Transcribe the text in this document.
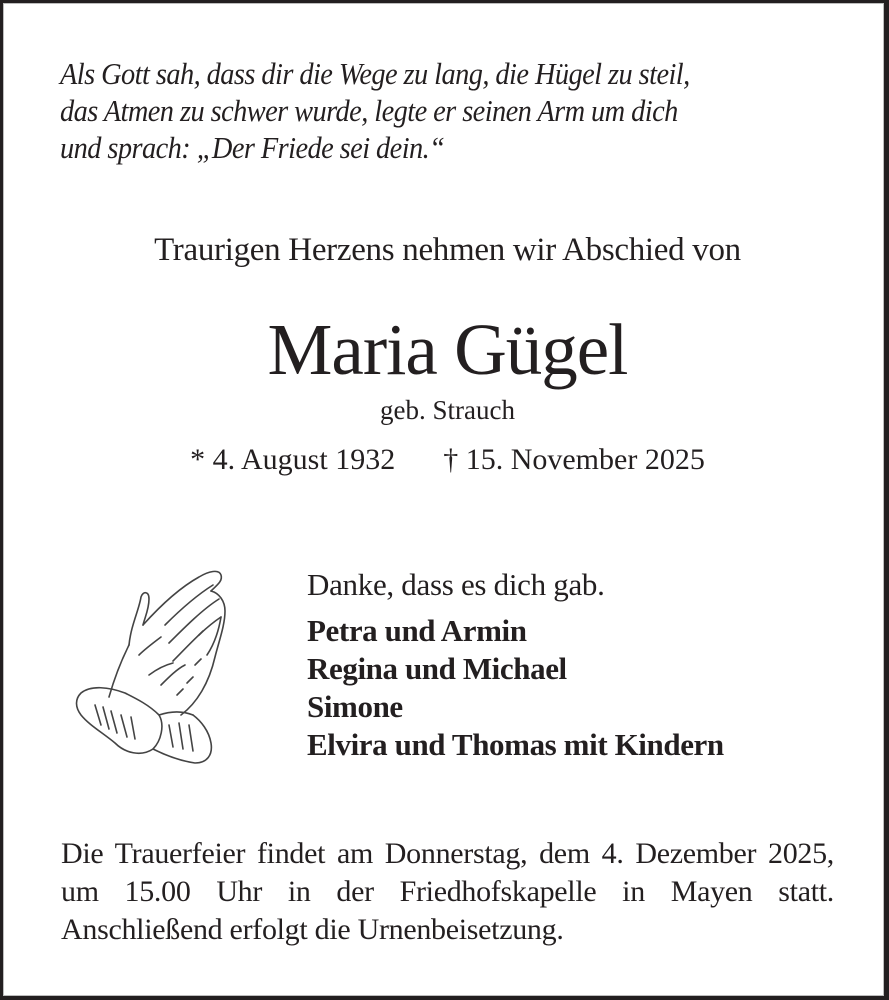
Als Gott sah, dass dir die Wege zu lang, die Hügel zu steil,
das Atmen zu schwer wurde, legte er seinen Arm um dich
und sprach: „Der Friede sei dein.“
Traurigen Herzens nehmen wir Abschied von
Maria Gügel
geb. Strauch
* 4. August 1932 † 15. November 2025
Danke, dass es dich gab.
Petra und Armin
Regina und Michael
Simone
Elvira und Thomas mit Kindern
Die Trauerfeier findet am Donnerstag, dem 4. Dezember 2025, um 15.00 Uhr in der Friedhofskapelle in Mayen statt. Anschließend erfolgt die Urnenbeisetzung.
